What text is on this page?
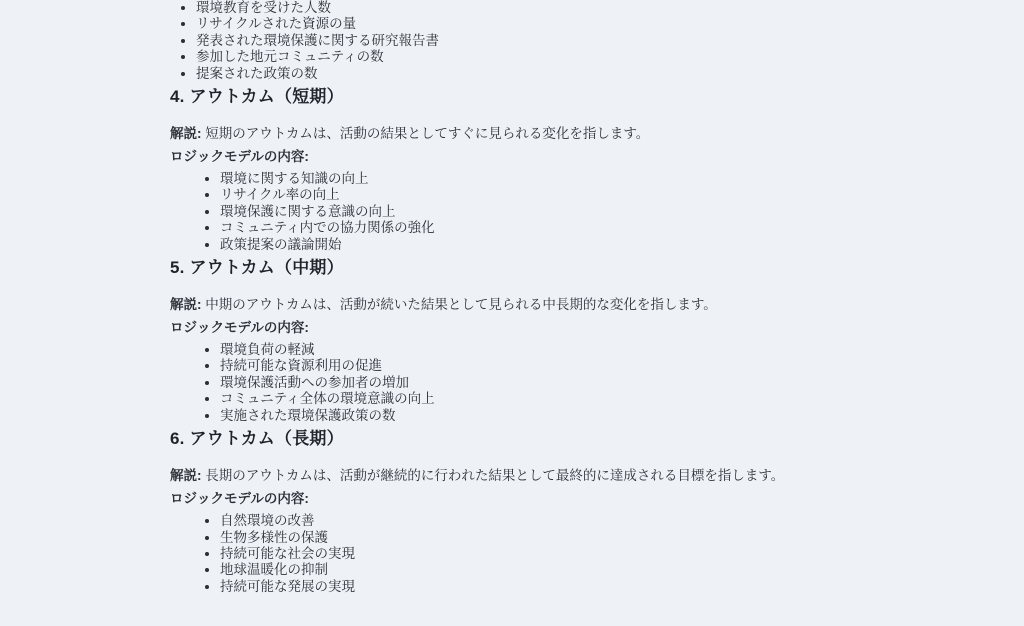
• 環境教育を受けた人数
• リサイクルされた資源の量
• 発表された環境保護に関する研究報告書
• 参加した地元コミュニティの数
• 提案された政策の数
4. アウトカム（短期）

解説: 短期のアウトカムは、活動の結果としてすぐに見られる変化を指します。

ロジックモデルの内容:

• 環境に関する知識の向上
• リサイクル率の向上
• 環境保護に関する意識の向上
• コミュニティ内での協力関係の強化
• 政策提案の議論開始
5. アウトカム（中期）

解説: 中期のアウトカムは、活動が続いた結果として見られる中長期的な変化を指します。

ロジックモデルの内容:

• 環境負荷の軽減
• 持続可能な資源利用の促進
• 環境保護活動への参加者の増加
• コミュニティ全体の環境意識の向上
• 実施された環境保護政策の数
6. アウトカム（長期）

解説: 長期のアウトカムは、活動が継続的に行われた結果として最終的に達成される目標を指します。

ロジックモデルの内容:

• 自然環境の改善
• 生物多様性の保護
• 持続可能な社会の実現
• 地球温暖化の抑制
• 持続可能な発展の実現
